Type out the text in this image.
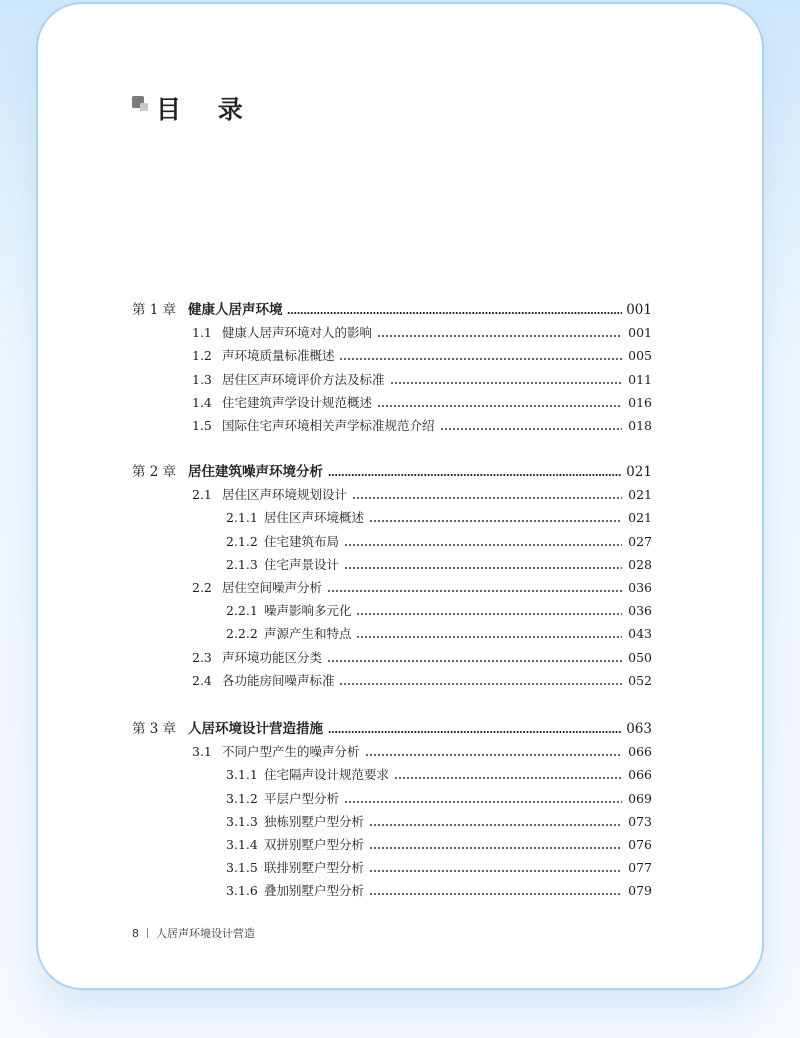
目 录
第 1 章 健康人居声环境	001
1.1 健康人居声环境对人的影响	001
1.2 声环境质量标准概述	005
1.3 居住区声环境评价方法及标准	011
1.4 住宅建筑声学设计规范概述	016
1.5 国际住宅声环境相关声学标准规范介绍	018
第 2 章 居住建筑噪声环境分析	021
2.1 居住区声环境规划设计	021
2.1.1 居住区声环境概述	021
2.1.2 住宅建筑布局	027
2.1.3 住宅声景设计	028
2.2 居住空间噪声分析	036
2.2.1 噪声影响多元化	036
2.2.2 声源产生和特点	043
2.3 声环境功能区分类	050
2.4 各功能房间噪声标准	052
第 3 章 人居环境设计营造措施	063
3.1 不同户型产生的噪声分析	066
3.1.1 住宅隔声设计规范要求	066
3.1.2 平层户型分析	069
3.1.3 独栋别墅户型分析	073
3.1.4 双拼别墅户型分析	076
3.1.5 联排别墅户型分析	077
3.1.6 叠加别墅户型分析	079
8 人居声环境设计营造
